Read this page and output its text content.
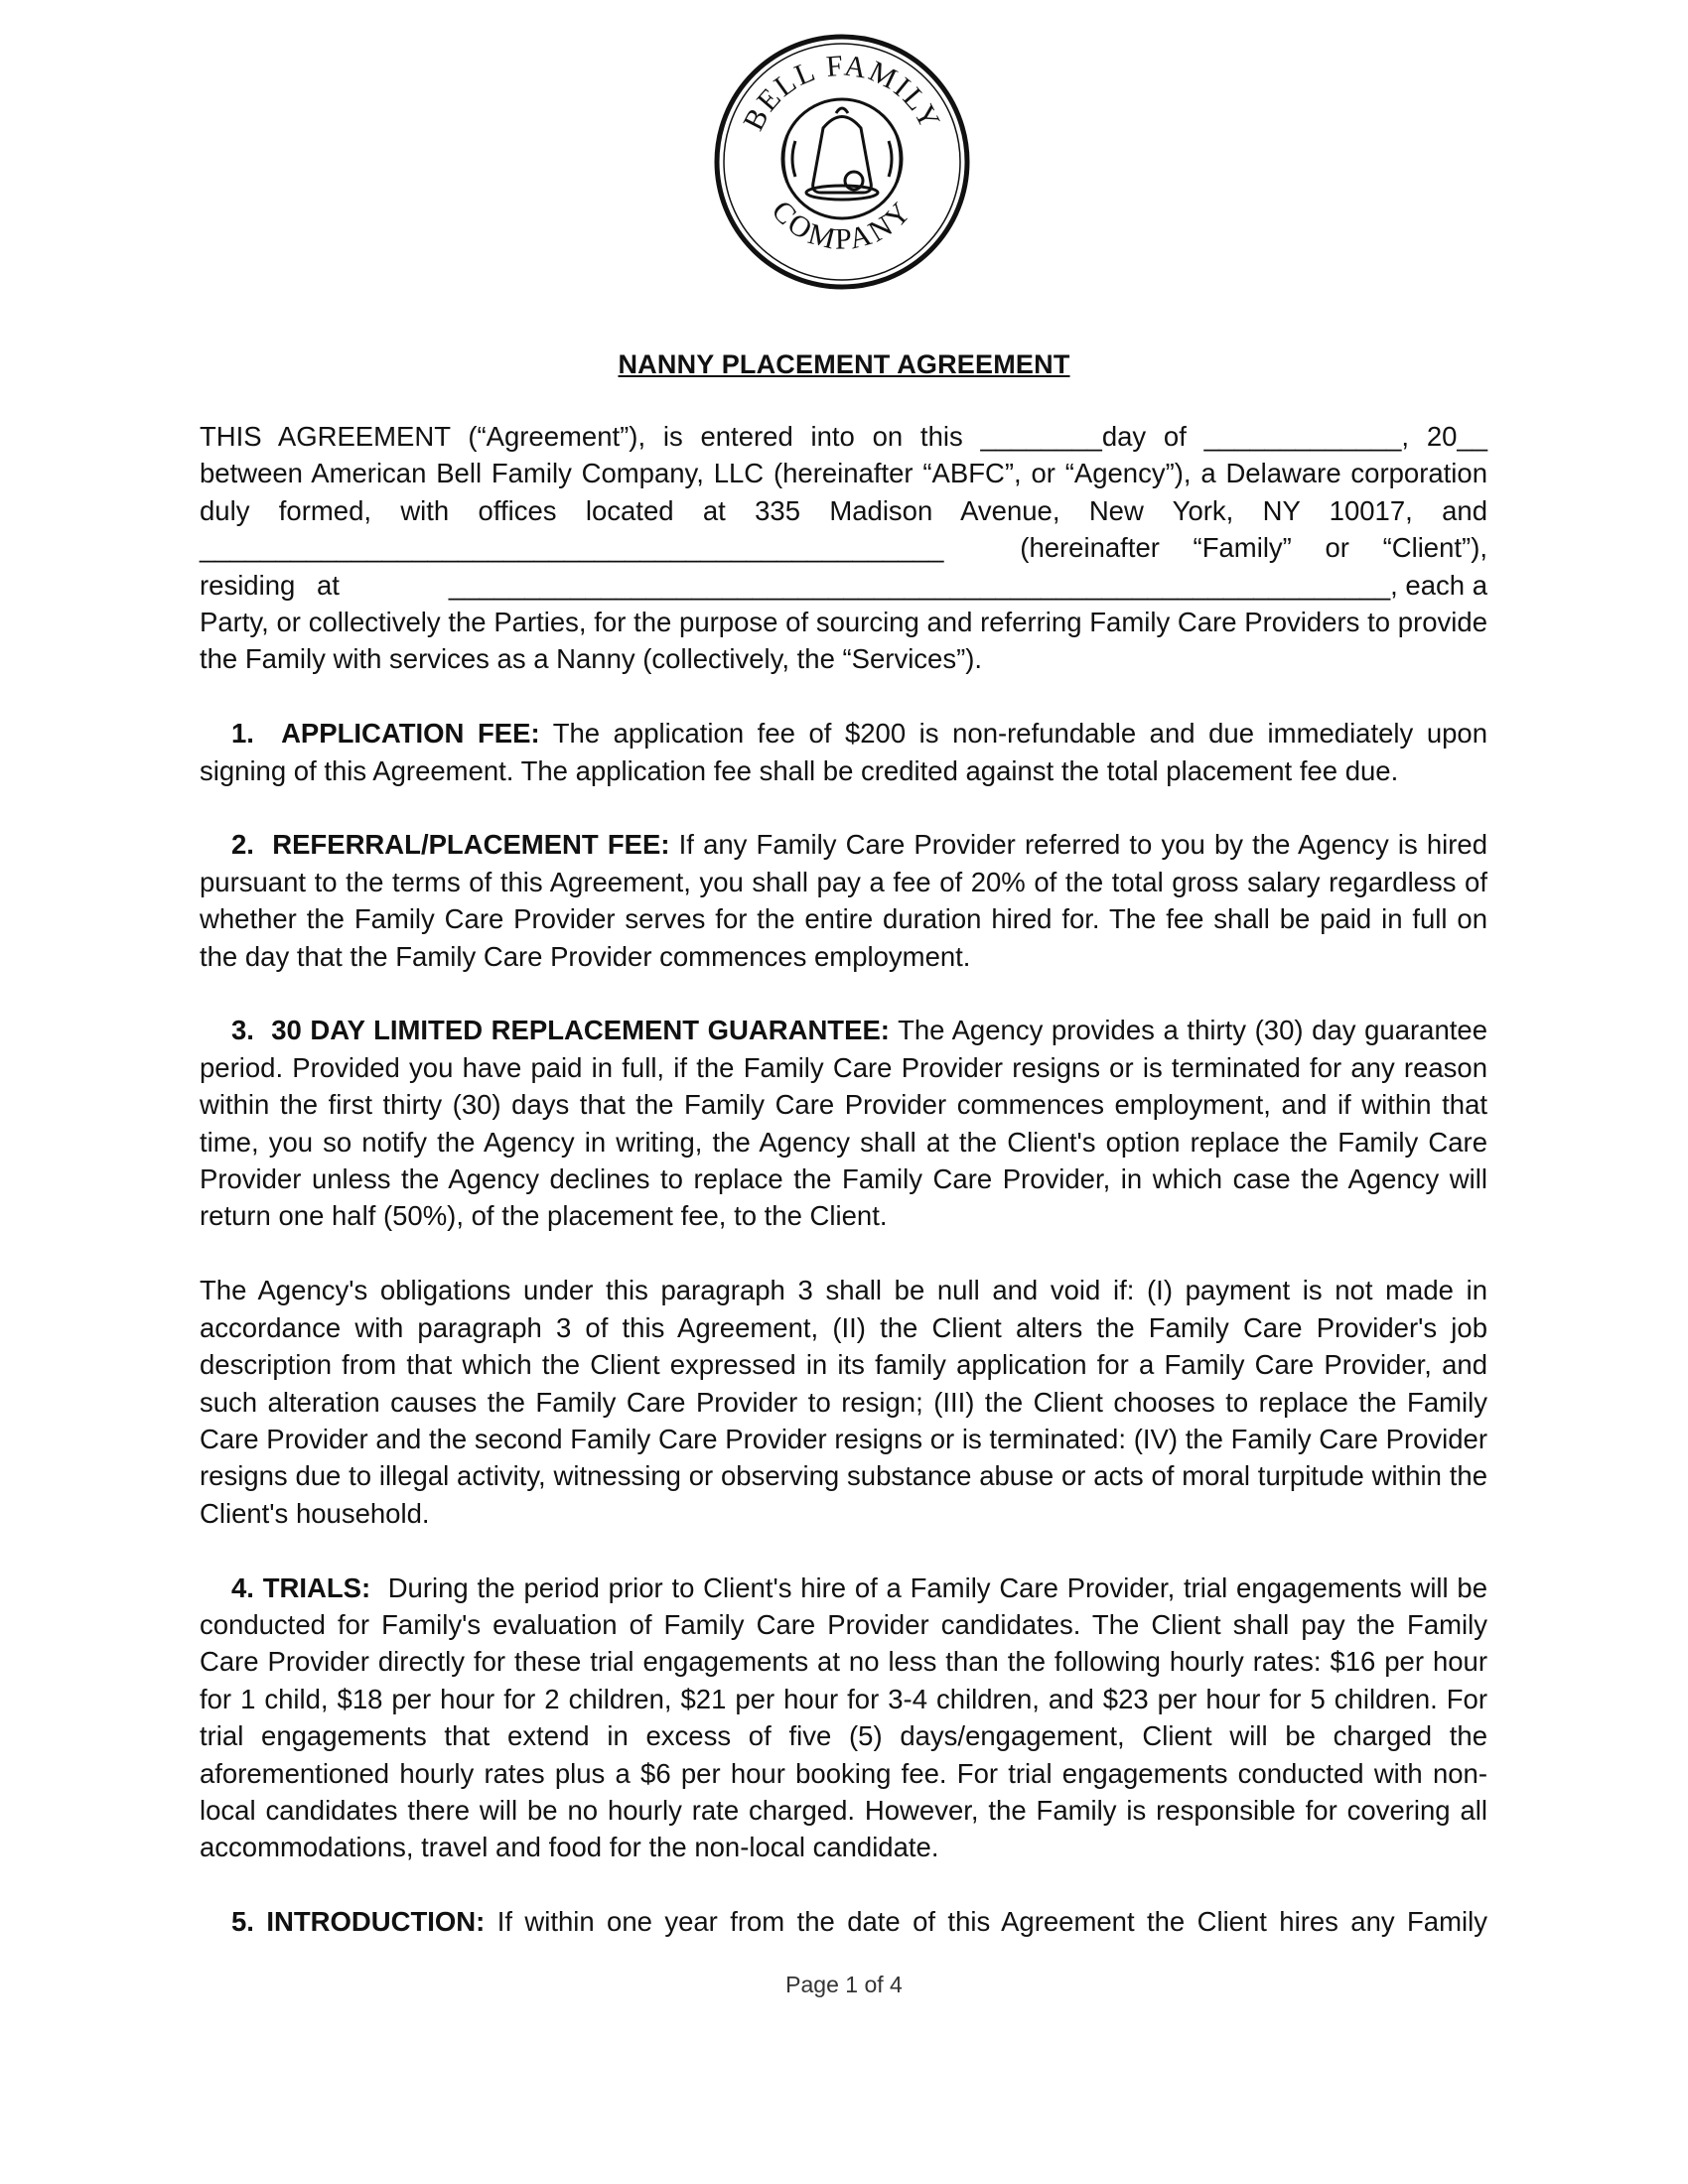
BELL FAMILY
COMPANY
NANNY PLACEMENT AGREEMENT
THIS AGREEMENT (“Agreement”), is entered into on this ________day of _____________, 20__
between American Bell Family Company, LLC (hereinafter “ABFC”, or “Agency”), a Delaware corporation
duly formed, with offices located at 335 Madison Avenue, New York, NY 10017, and
_________________________________________________	(hereinafter “Family” or “Client”),
residing at	______________________________________________________________, each a
Party, or collectively the Parties, for the purpose of sourcing and referring Family Care Providers to provide the Family with services as a Nanny (collectively, the “Services”).

1. APPLICATION FEE: The application fee of $200 is non-refundable and due immediately upon signing of this Agreement. The application fee shall be credited against the total placement fee due.

2. REFERRAL/PLACEMENT FEE: If any Family Care Provider referred to you by the Agency is hired pursuant to the terms of this Agreement, you shall pay a fee of 20% of the total gross salary regardless of whether the Family Care Provider serves for the entire duration hired for. The fee shall be paid in full on the day that the Family Care Provider commences employment.

3. 30 DAY LIMITED REPLACEMENT GUARANTEE: The Agency provides a thirty (30) day guarantee period. Provided you have paid in full, if the Family Care Provider resigns or is terminated for any reason within the first thirty (30) days that the Family Care Provider commences employment, and if within that time, you so notify the Agency in writing, the Agency shall at the Client's option replace the Family Care Provider unless the Agency declines to replace the Family Care Provider, in which case the Agency will return one half (50%), of the placement fee, to the Client.

The Agency's obligations under this paragraph 3 shall be null and void if: (I) payment is not made in accordance with paragraph 3 of this Agreement, (II) the Client alters the Family Care Provider's job description from that which the Client expressed in its family application for a Family Care Provider, and such alteration causes the Family Care Provider to resign; (III) the Client chooses to replace the Family Care Provider and the second Family Care Provider resigns or is terminated: (IV) the Family Care Provider resigns due to illegal activity, witnessing or observing substance abuse or acts of moral turpitude within the Client's household.

4. TRIALS: During the period prior to Client's hire of a Family Care Provider, trial engagements will be conducted for Family's evaluation of Family Care Provider candidates. The Client shall pay the Family Care Provider directly for these trial engagements at no less than the following hourly rates: $16 per hour for 1 child, $18 per hour for 2 children, $21 per hour for 3-4 children, and $23 per hour for 5 children. For trial engagements that extend in excess of five (5) days/engagement, Client will be charged the aforementioned hourly rates plus a $6 per hour booking fee. For trial engagements conducted with non-local candidates there will be no hourly rate charged. However, the Family is responsible for covering all accommodations, travel and food for the non-local candidate.

5. INTRODUCTION: If within one year from the date of this Agreement the Client hires any Family

Page 1 of 4
